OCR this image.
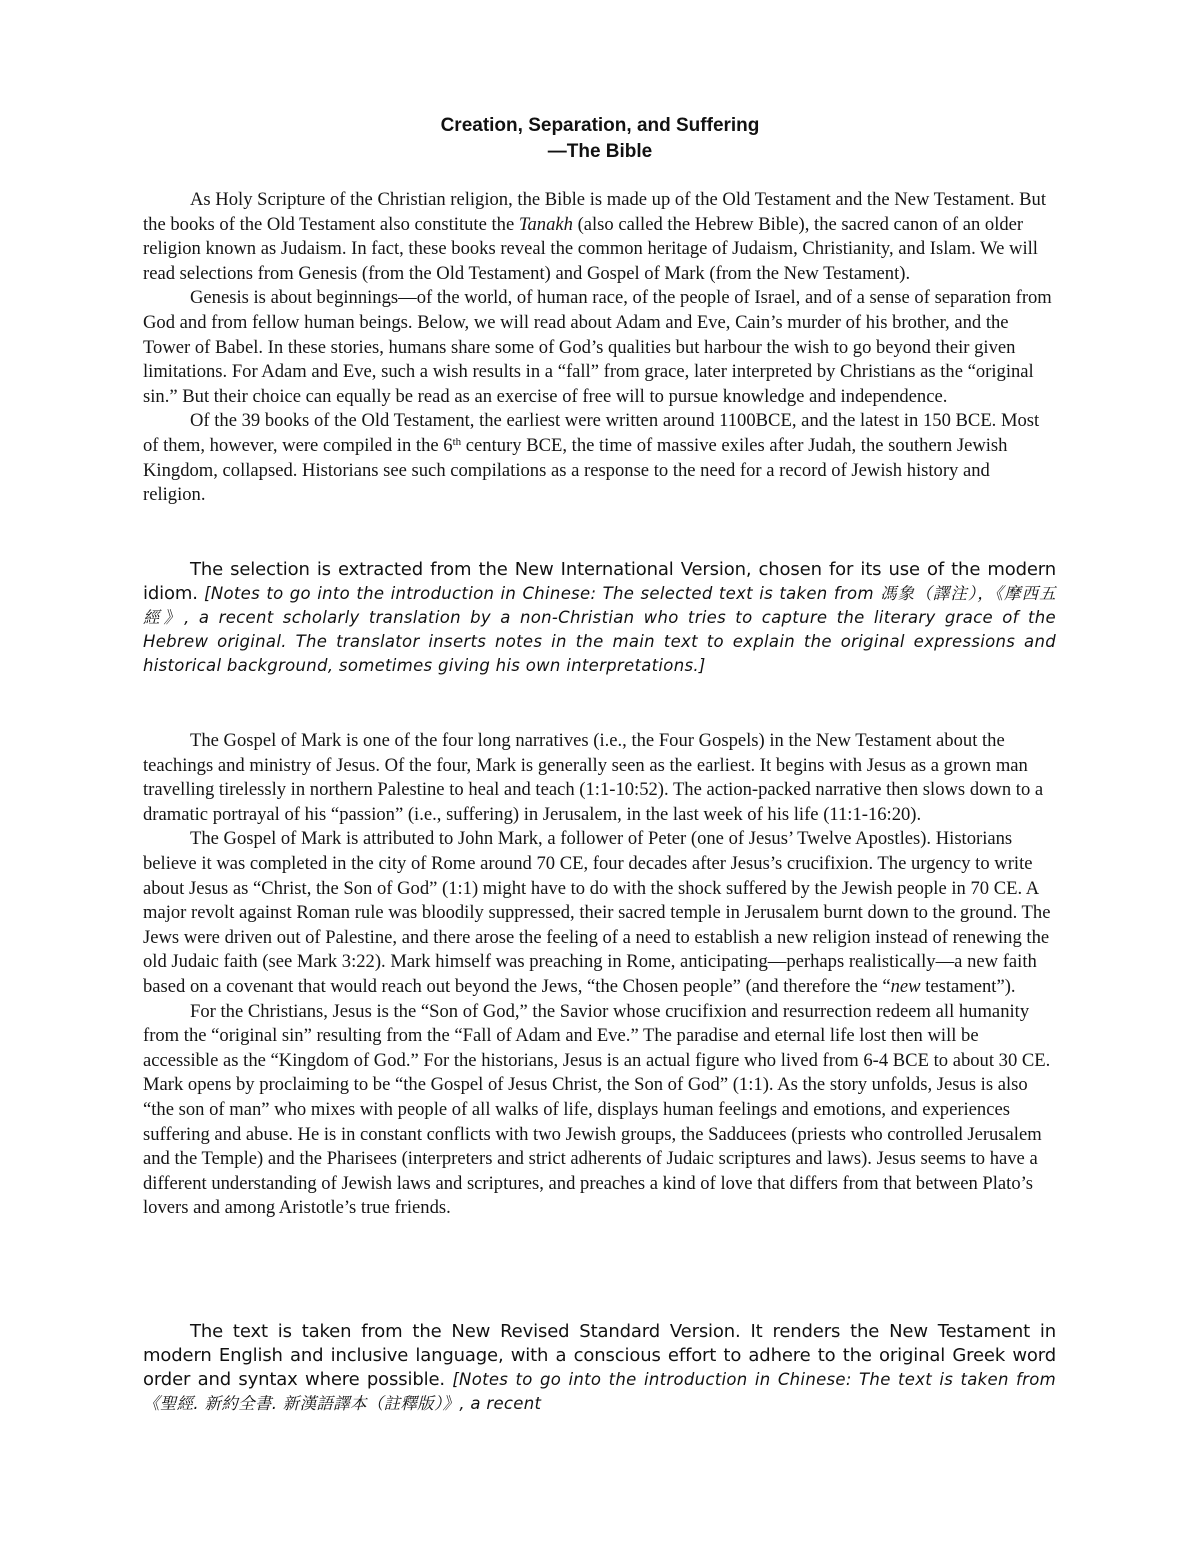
Creation, Separation, and Suffering
—The Bible

As Holy Scripture of the Christian religion, the Bible is made up of the Old Testament and the New Testament. But the books of the Old Testament also constitute the Tanakh (also called the Hebrew Bible), the sacred canon of an older religion known as Judaism. In fact, these books reveal the common heritage of Judaism, Christianity, and Islam. We will read selections from Genesis (from the Old Testament) and Gospel of Mark (from the New Testament).

Genesis is about beginnings—of the world, of human race, of the people of Israel, and of a sense of separation from God and from fellow human beings. Below, we will read about Adam and Eve, Cain’s murder of his brother, and the Tower of Babel. In these stories, humans share some of God’s qualities but harbour the wish to go beyond their given limitations. For Adam and Eve, such a wish results in a “fall” from grace, later interpreted by Christians as the “original sin.” But their choice can equally be read as an exercise of free will to pursue knowledge and independence.

Of the 39 books of the Old Testament, the earliest were written around 1100BCE, and the latest in 150 BCE. Most of them, however, were compiled in the 6th century BCE, the time of massive exiles after Judah, the southern Jewish Kingdom, collapsed. Historians see such compilations as a response to the need for a record of Jewish history and religion.

The selection is extracted from the New International Version, chosen for its use of the modern idiom. [Notes to go into the introduction in Chinese: The selected text is taken from 馮象（譯注），《摩西五經》, a recent scholarly translation by a non-Christian who tries to capture the literary grace of the Hebrew original. The translator inserts notes in the main text to explain the original expressions and historical background, sometimes giving his own interpretations.]

The Gospel of Mark is one of the four long narratives (i.e., the Four Gospels) in the New Testament about the teachings and ministry of Jesus. Of the four, Mark is generally seen as the earliest. It begins with Jesus as a grown man travelling tirelessly in northern Palestine to heal and teach (1:1-10:52). The action-packed narrative then slows down to a dramatic portrayal of his “passion” (i.e., suffering) in Jerusalem, in the last week of his life (11:1-16:20).

The Gospel of Mark is attributed to John Mark, a follower of Peter (one of Jesus’ Twelve Apostles). Historians believe it was completed in the city of Rome around 70 CE, four decades after Jesus’s crucifixion. The urgency to write about Jesus as “Christ, the Son of God” (1:1) might have to do with the shock suffered by the Jewish people in 70 CE. A major revolt against Roman rule was bloodily suppressed, their sacred temple in Jerusalem burnt down to the ground. The Jews were driven out of Palestine, and there arose the feeling of a need to establish a new religion instead of renewing the old Judaic faith (see Mark 3:22). Mark himself was preaching in Rome, anticipating—perhaps realistically—a new faith based on a covenant that would reach out beyond the Jews, “the Chosen people” (and therefore the “new testament”).

For the Christians, Jesus is the “Son of God,” the Savior whose crucifixion and resurrection redeem all humanity from the “original sin” resulting from the “Fall of Adam and Eve.” The paradise and eternal life lost then will be accessible as the “Kingdom of God.” For the historians, Jesus is an actual figure who lived from 6-4 BCE to about 30 CE. Mark opens by proclaiming to be “the Gospel of Jesus Christ, the Son of God” (1:1). As the story unfolds, Jesus is also “the son of man” who mixes with people of all walks of life, displays human feelings and emotions, and experiences suffering and abuse. He is in constant conflicts with two Jewish groups, the Sadducees (priests who controlled Jerusalem and the Temple) and the Pharisees (interpreters and strict adherents of Judaic scriptures and laws). Jesus seems to have a different understanding of Jewish laws and scriptures, and preaches a kind of love that differs from that between Plato’s lovers and among Aristotle’s true friends.

The text is taken from the New Revised Standard Version. It renders the New Testament in modern English and inclusive language, with a conscious effort to adhere to the original Greek word order and syntax where possible. [Notes to go into the introduction in Chinese: The text is taken from 《聖經. 新約全書. 新漢語譯本（註釋版）》, a recent
